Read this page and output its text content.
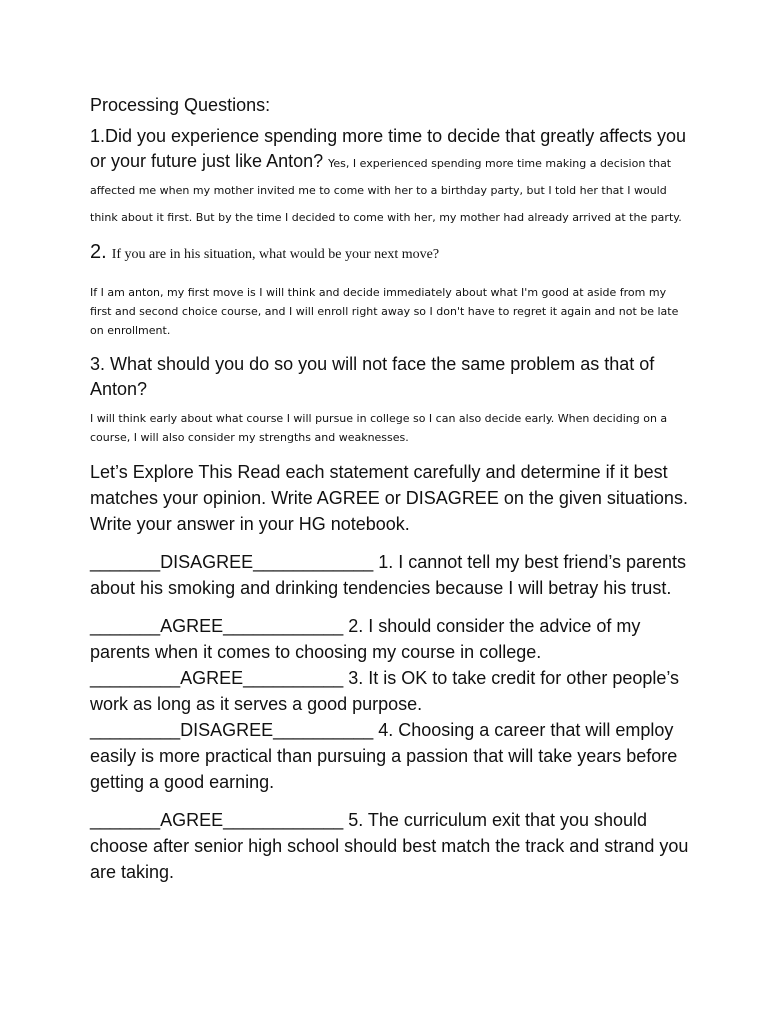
Processing Questions:
1.Did you experience spending more time to decide that greatly affects you or your future just like Anton? Yes, I experienced spending more time making a decision that affected me when my mother invited me to come with her to a birthday party, but I told her that I would think about it first. But by the time I decided to come with her, my mother had already arrived at the party.
2. If you are in his situation, what would be your next move?
If I am anton, my first move is I will think and decide immediately about what I'm good at aside from my first and second choice course, and I will enroll right away so I don't have to regret it again and not be late on enrollment.
3. What should you do so you will not face the same problem as that of Anton?
I will think early about what course I will pursue in college so I can also decide early. When deciding on a course, I will also consider my strengths and weaknesses.
Let’s Explore This Read each statement carefully and determine if it best matches your opinion. Write AGREE or DISAGREE on the given situations. Write your answer in your HG notebook.
_______DISAGREE____________ 1. I cannot tell my best friend’s parents about his smoking and drinking tendencies because I will betray his trust.
_______AGREE____________ 2. I should consider the advice of my parents when it comes to choosing my course in college.
_________AGREE__________ 3. It is OK to take credit for other people’s work as long as it serves a good purpose.
_________DISAGREE__________ 4. Choosing a career that will employ easily is more practical than pursuing a passion that will take years before getting a good earning.
_______AGREE____________ 5. The curriculum exit that you should choose after senior high school should best match the track and strand you are taking.
